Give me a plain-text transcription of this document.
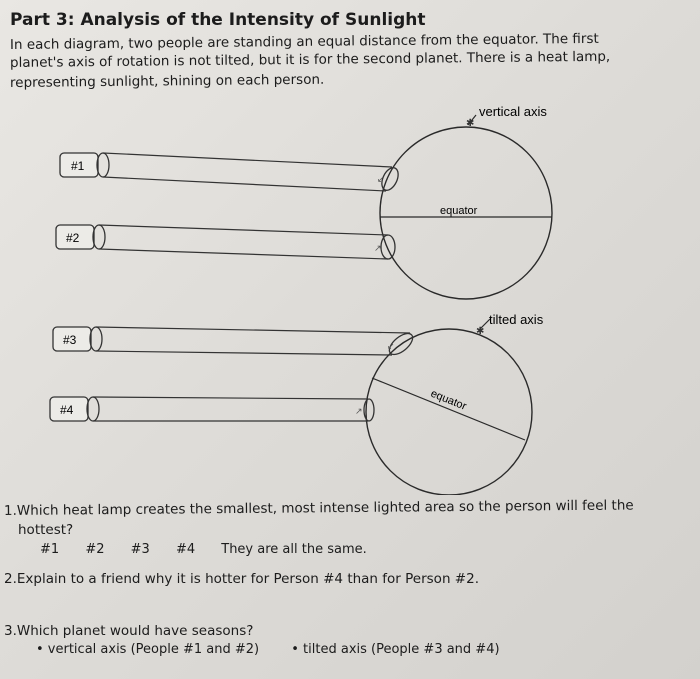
Part 3: Analysis of the Intensity of Sunlight
In each diagram, two people are standing an equal distance from the equator. The first
planet's axis of rotation is not tilted, but it is for the second planet. There is a heat lamp,
representing sunlight, shining on each person.
✱
vertical axis
equator
#1
↙
#2
↗
✱
tilted axis
equator
#3	↙
#4	↗
1.Which heat lamp creates the smallest, most intense lighted area so the person will feel the
hottest?
#1 #2 #3 #4 They are all the same.
2.Explain to a friend why it is hotter for Person #4 than for Person #2.
3.Which planet would have seasons?
• vertical axis (People #1 and #2) • tilted axis (People #3 and #4)
